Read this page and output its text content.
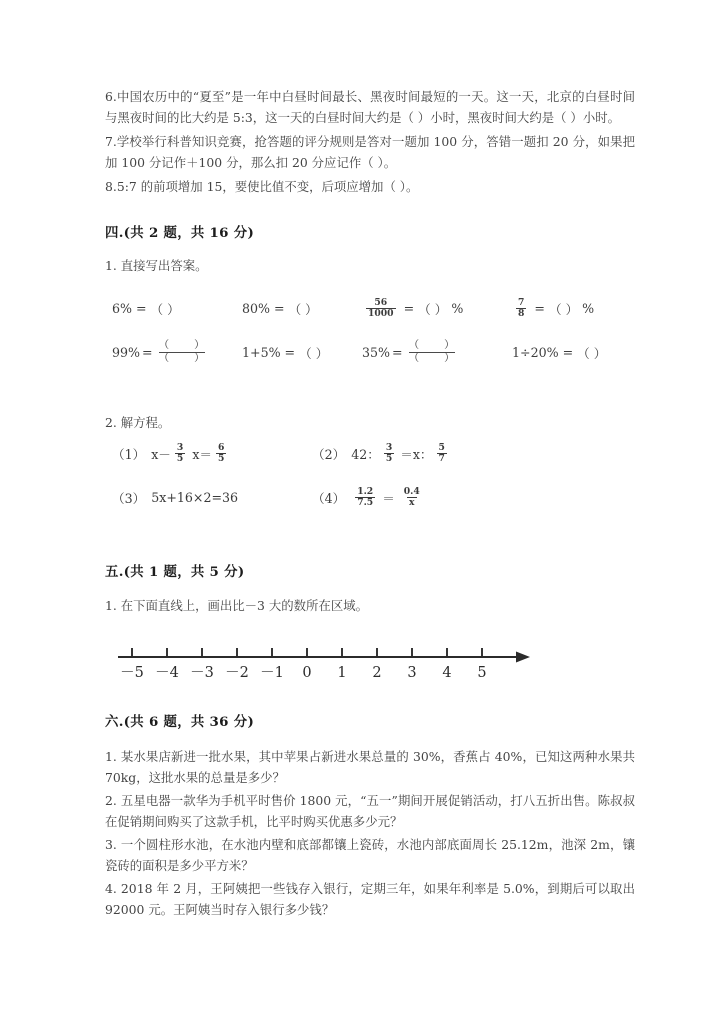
6.中国农历中的“夏至”是一年中白昼时间最长、黑夜时间最短的一天。这一天，北京的白昼时间与黑夜时间的比大约是 5:3，这一天的白昼时间大约是（ ）小时，黑夜时间大约是（ ）小时。

7.学校举行科普知识竞赛，抢答题的评分规则是答对一题加 100 分，答错一题扣 20 分，如果把加 100 分记作＋100 分，那么扣 20 分应记作（ ）。

8.5:7 的前项增加 15，要使比值不变，后项应增加（ ）。

四.(共 2 题，共 16 分)
1. 直接写出答案。
6% = （ ）	80% = （ ）	$\frac{56}{1000}$ = （ ） %	$\frac{7}{8}$ = （ ） %
$99\% = \frac{( )}{( )}$	1+5% = （ ）	$35\% = \frac{( )}{( )}$	1÷20% = （ ）
2. 解方程。
（1） $x- \frac{3}{5} x= \frac{6}{5}$	（2） 42： $\frac{3}{5} =x$： $\frac{5}{7}$
（3） 5x+16×2=36	$(4) \frac{1.2}{7.5} = \frac{0.4}{x}$
五.(共 1 题，共 5 分)
1. 在下面直线上，画出比－3 大的数所在区域。
－5 －4 －3 －2 －1 0 1 2 3 4 5
六.(共 6 题，共 36 分)

1. 某水果店新进一批水果，其中苹果占新进水果总量的 30%，香蕉占 40%，已知这两种水果共 70kg，这批水果的总量是多少？

2. 五星电器一款华为手机平时售价 1800 元，“五一”期间开展促销活动，打八五折出售。陈叔叔在促销期间购买了这款手机，比平时购买优惠多少元？

3. 一个圆柱形水池，在水池内壁和底部都镶上瓷砖，水池内部底面周长 25.12m，池深 2m，镶瓷砖的面积是多少平方米？

4. 2018 年 2 月，王阿姨把一些钱存入银行，定期三年，如果年利率是 5.0%，到期后可以取出 92000 元。王阿姨当时存入银行多少钱？
